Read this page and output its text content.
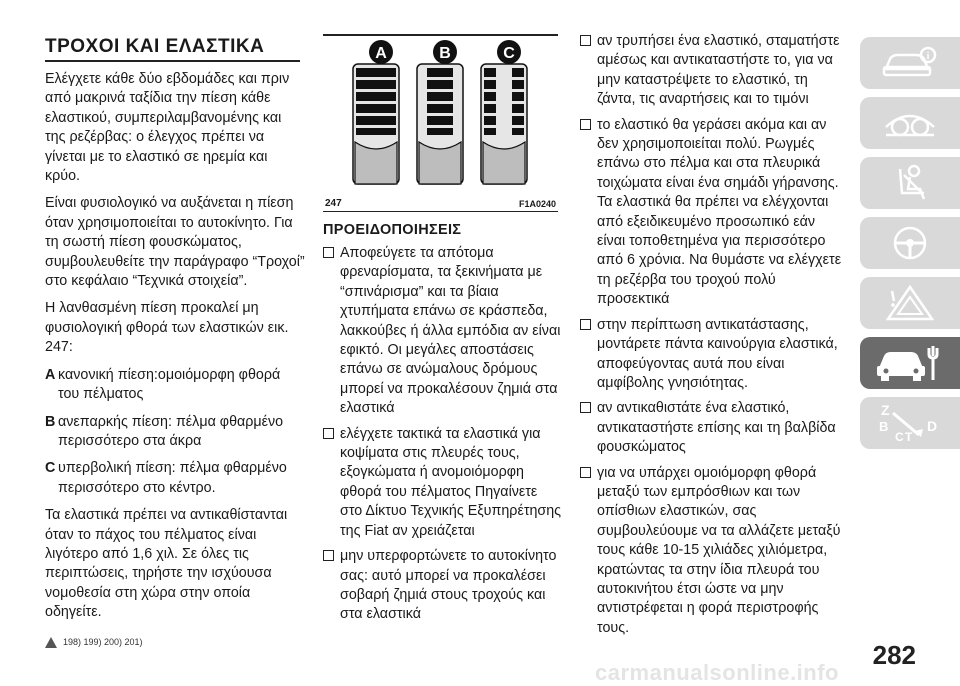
ΤΡΟΧΟΙ ΚΑΙ ΕΛΑΣΤΙΚΑ

Ελέγχετε κάθε δύο εβδομάδες και πριν από μακρινά ταξίδια την πίεση κάθε ελαστικού, συμπεριλαμβανομένης και της ρεζέρβας: ο έλεγχος πρέπει να γίνεται με το ελαστικό σε ηρεμία και κρύο.

Είναι φυσιολογικό να αυξάνεται η πίεση όταν χρησιμοποιείται το αυτοκίνητο. Για τη σωστή πίεση φουσκώματος, συμβουλευθείτε την παράγραφο “Τροχοί” στο κεφάλαιο “Τεχνικά στοιχεία”.

Η λανθασμένη πίεση προκαλεί μη φυσιολογική φθορά των ελαστικών εικ. 247:

A κανονική πίεση:ομοιόμορφη φθορά του πέλματος

B ανεπαρκής πίεση: πέλμα φθαρμένο περισσότερο στα άκρα

C υπερβολική πίεση: πέλμα φθαρμένο περισσότερο στο κέντρο.

Τα ελαστικά πρέπει να αντικαθίστανται όταν το πάχος του πέλματος είναι λιγότερο από 1,6 χιλ. Σε όλες τις περιπτώσεις, τηρήστε την ισχύουσα νομοθεσία στη χώρα στην οποία οδηγείτε.

198) 199) 200) 201)
A	B	C
247	F1A0240
ΠΡΟΕΙΔΟΠΟΙΗΣΕΙΣ

Αποφεύγετε τα απότομα φρεναρίσματα, τα ξεκινήματα με “σπινάρισμα” και τα βίαια χτυπήματα επάνω σε κράσπεδα, λακκούβες ή άλλα εμπόδια αν είναι εφικτό. Οι μεγάλες αποστάσεις επάνω σε ανώμαλους δρόμους μπορεί να προκαλέσουν ζημιά στα ελαστικά

ελέγχετε τακτικά τα ελαστικά για κοψίματα στις πλευρές τους, εξογκώματα ή ανομοιόμορφη φθορά του πέλματος Πηγαίνετε στο Δίκτυο Τεχνικής Εξυπηρέτησης της Fiat αν χρειάζεται

μην υπερφορτώνετε το αυτοκίνητο σας: αυτό μπορεί να προκαλέσει σοβαρή ζημιά στους τροχούς και στα ελαστικά

αν τρυπήσει ένα ελαστικό, σταματήστε αμέσως και αντικαταστήστε το, για να μην καταστρέψετε το ελαστικό, τη ζάντα, τις αναρτήσεις και το τιμόνι

το ελαστικό θα γεράσει ακόμα και αν δεν χρησιμοποιείται πολύ. Ρωγμές επάνω στο πέλμα και στα πλευρικά τοιχώματα είναι ένα σημάδι γήρανσης. Τα ελαστικά θα πρέπει να ελέγχονται από εξειδικευμένο προσωπικό εάν είναι τοποθετημένα για περισσότερο από 6 χρόνια. Να θυμάστε να ελέγχετε τη ρεζέρβα του τροχού πολύ προσεκτικά

στην περίπτωση αντικατάστασης, μοντάρετε πάντα καινούργια ελαστικά, αποφεύγοντας αυτά που είναι αμφίβολης γνησιότητας.

αν αντικαθιστάτε ένα ελαστικό, αντικαταστήστε επίσης και τη βαλβίδα φουσκώματος

για να υπάρχει ομοιόμορφη φθορά μεταξύ των εμπρόσθιων και των οπίσθιων ελαστικών, σας συμβουλεύουμε να τα αλλάζετε μεταξύ τους κάθε 10-15 χιλιάδες χιλιόμετρα, κρατώντας τα στην ίδια πλευρά του αυτοκινήτου έτσι ώστε να μην αντιστρέφεται η φορά περιστροφής τους.

i
Z
B
C
D
T
282
carmanualsonline.info
